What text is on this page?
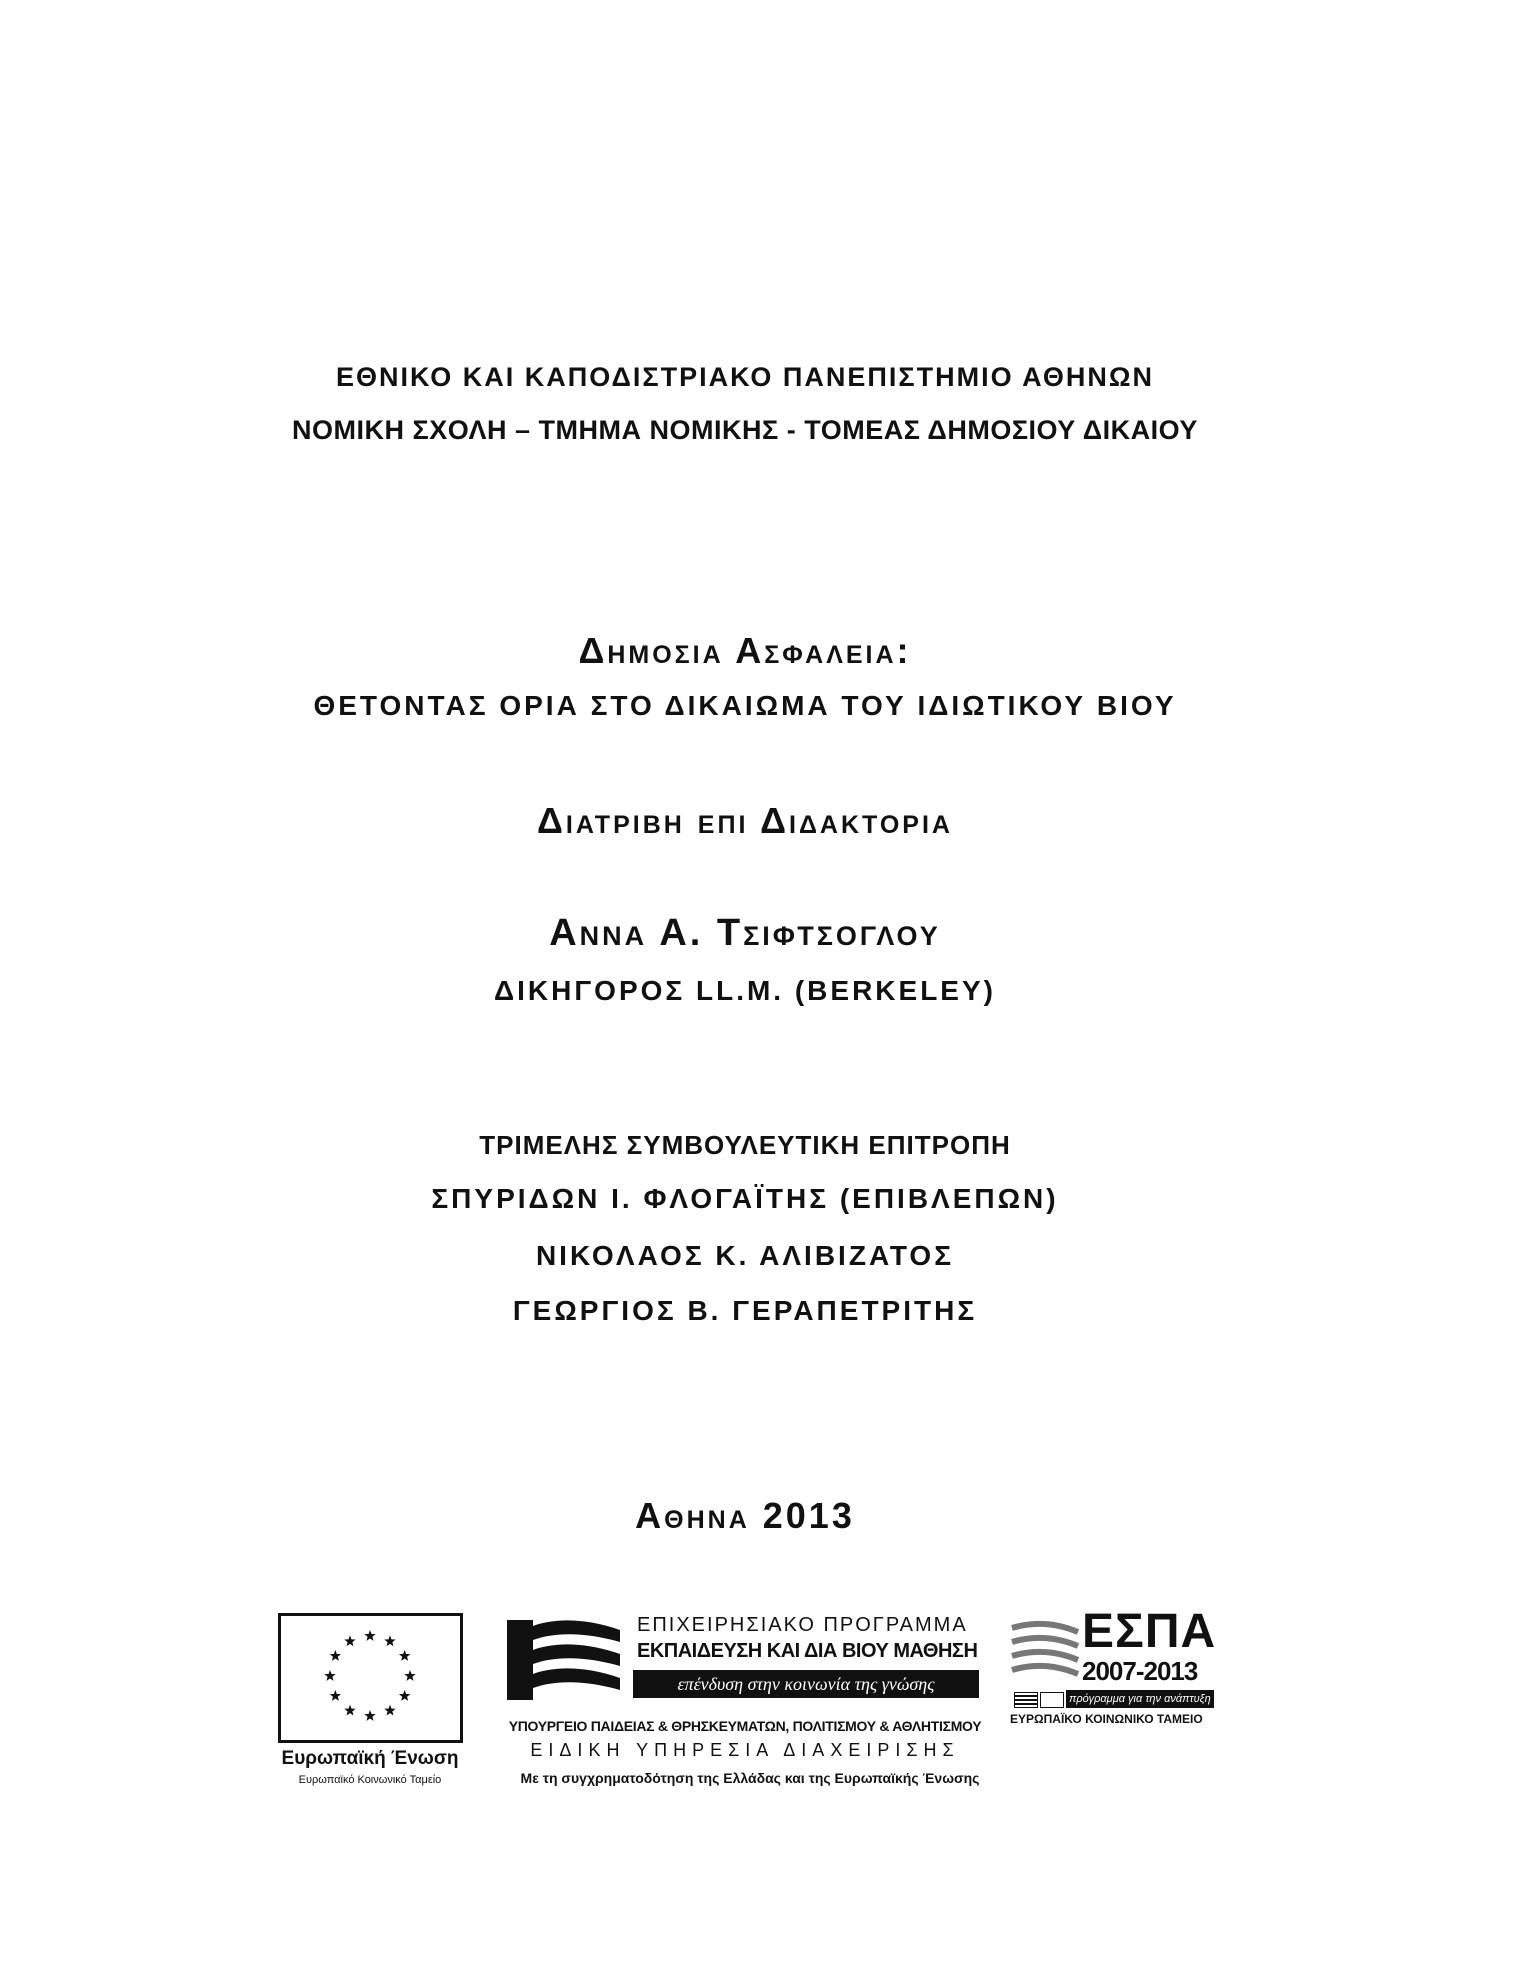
ΕΘΝΙΚΟ ΚΑΙ ΚΑΠΟΔΙΣΤΡΙΑΚΟ ΠΑΝΕΠΙΣΤΗΜΙΟ ΑΘΗΝΩΝ
ΝΟΜΙΚΗ ΣΧΟΛΗ – ΤΜΗΜΑ ΝΟΜΙΚΗΣ - ΤΟΜΕΑΣ ΔΗΜΟΣΙΟΥ ΔΙΚΑΙΟΥ
Δημοσια Ασφαλεια:
ΘΕΤΟΝΤΑΣ ΟΡΙΑ ΣΤΟ ΔΙΚΑΙΩΜΑ ΤΟΥ ΙΔΙΩΤΙΚΟΥ ΒΙΟΥ
Διατριβη επι Διδακτορια
Αννα Α. Τσιφτσογλου
ΔΙΚΗΓΟΡΟΣ LL.M. (BERKELEY)
ΤΡΙΜΕΛΗΣ ΣΥΜΒΟΥΛΕΥΤΙΚΗ ΕΠΙΤΡΟΠΗ
ΣΠΥΡΙΔΩΝ Ι. ΦΛΟΓΑΪΤΗΣ (ΕΠΙΒΛΕΠΩΝ)
ΝΙΚΟΛΑΟΣ Κ. ΑΛΙΒΙΖΑΤΟΣ
ΓΕΩΡΓΙΟΣ Β. ΓΕΡΑΠΕΤΡΙΤΗΣ
Αθηνα 2013
Ευρωπαϊκή Ένωση
Ευρωπαϊκό Κοινωνικό Ταμείο
ΕΠΙΧΕΙΡΗΣΙΑΚΟ ΠΡΟΓΡΑΜΜΑ
ΕΚΠΑΙΔΕΥΣΗ ΚΑΙ ΔΙΑ ΒΙΟΥ ΜΑΘΗΣΗ
επένδυση στην κοινωνία της γνώσης
ΥΠΟΥΡΓΕΙΟ ΠΑΙΔΕΙΑΣ & ΘΡΗΣΚΕΥΜΑΤΩΝ, ΠΟΛΙΤΙΣΜΟΥ & ΑΘΛΗΤΙΣΜΟΥ
ΕΙΔΙΚΗ ΥΠΗΡΕΣΙΑ ΔΙΑΧΕΙΡΙΣΗΣ
ΕΣΠΑ
2007-2013
πρόγραμμα για την ανάπτυξη
ΕΥΡΩΠΑΪΚΟ ΚΟΙΝΩΝΙΚΟ ΤΑΜΕΙΟ
Με τη συγχρηματοδότηση της Ελλάδας και της Ευρωπαϊκής Ένωσης
